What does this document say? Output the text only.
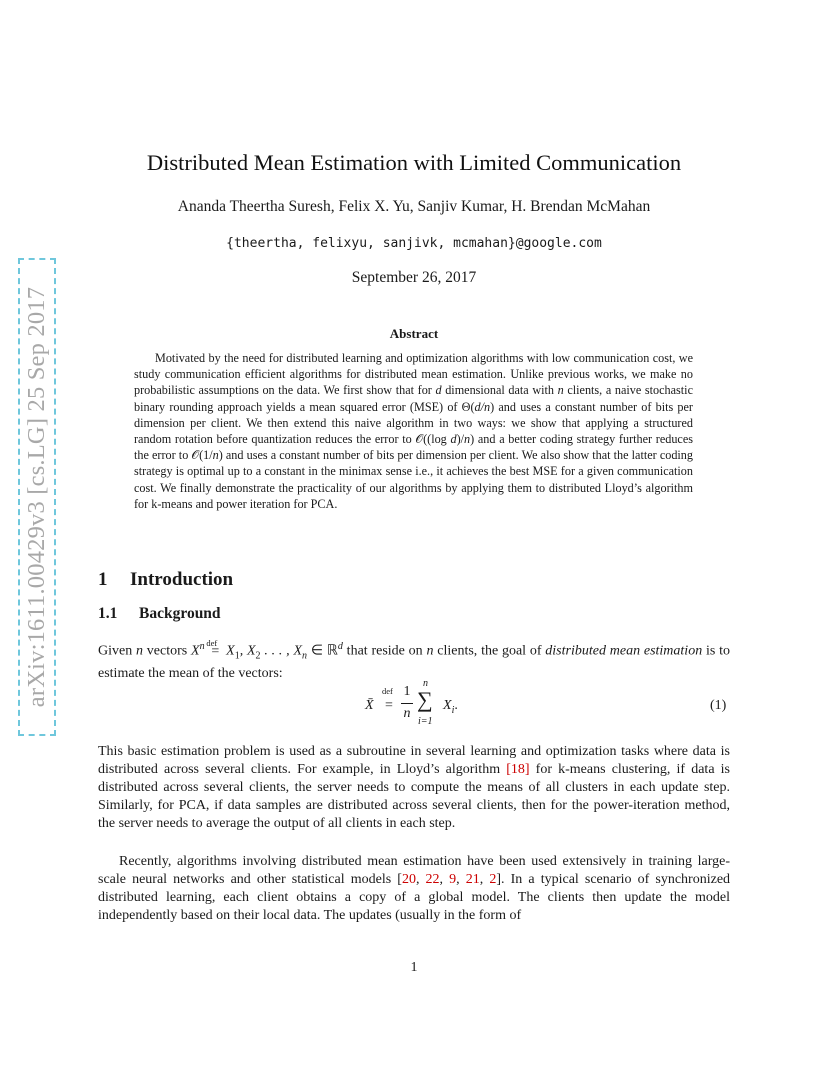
arXiv:1611.00429v3 [cs.LG] 25 Sep 2017
Distributed Mean Estimation with Limited Communication
Ananda Theertha Suresh, Felix X. Yu, Sanjiv Kumar, H. Brendan McMahan
{theertha, felixyu, sanjivk, mcmahan}@google.com
September 26, 2017
Abstract

Motivated by the need for distributed learning and optimization algorithms with low communication cost, we study communication efficient algorithms for distributed mean estimation. Unlike previous works, we make no probabilistic assumptions on the data. We first show that for d dimensional data with n clients, a naive stochastic binary rounding approach yields a mean squared error (MSE) of Θ(d/n) and uses a constant number of bits per dimension per client. We then extend this naive algorithm in two ways: we show that applying a structured random rotation before quantization reduces the error to 𝒪((log d)/n) and a better coding strategy further reduces the error to 𝒪(1/n) and uses a constant number of bits per dimension per client. We also show that the latter coding strategy is optimal up to a constant in the minimax sense i.e., it achieves the best MSE for a given communication cost. We finally demonstrate the practicality of our algorithms by applying them to distributed Lloyd’s algorithm for k-means and power iteration for PCA.

1 Introduction
1.1 Background

Given n vectors $X^n$ def
= $X_1$, $X_2$ . . . , $X_n$ ∈ ℝ$^d$ that reside on n clients, the goal of distributed mean estimation is to estimate the mean of the vectors:

X̄
def
=
1
n
n
∑
i=1
$X_i$.	(1)

This basic estimation problem is used as a subroutine in several learning and optimization tasks where data is distributed across several clients. For example, in Lloyd’s algorithm [18] for k-means clustering, if data is distributed across several clients, the server needs to compute the means of all clusters in each update step. Similarly, for PCA, if data samples are distributed across several clients, then for the power-iteration method, the server needs to average the output of all clients in each step.

Recently, algorithms involving distributed mean estimation have been used extensively in training large-scale neural networks and other statistical models [20, 22, 9, 21, 2]. In a typical scenario of synchronized distributed learning, each client obtains a copy of a global model. The clients then update the model independently based on their local data. The updates (usually in the form of

1
